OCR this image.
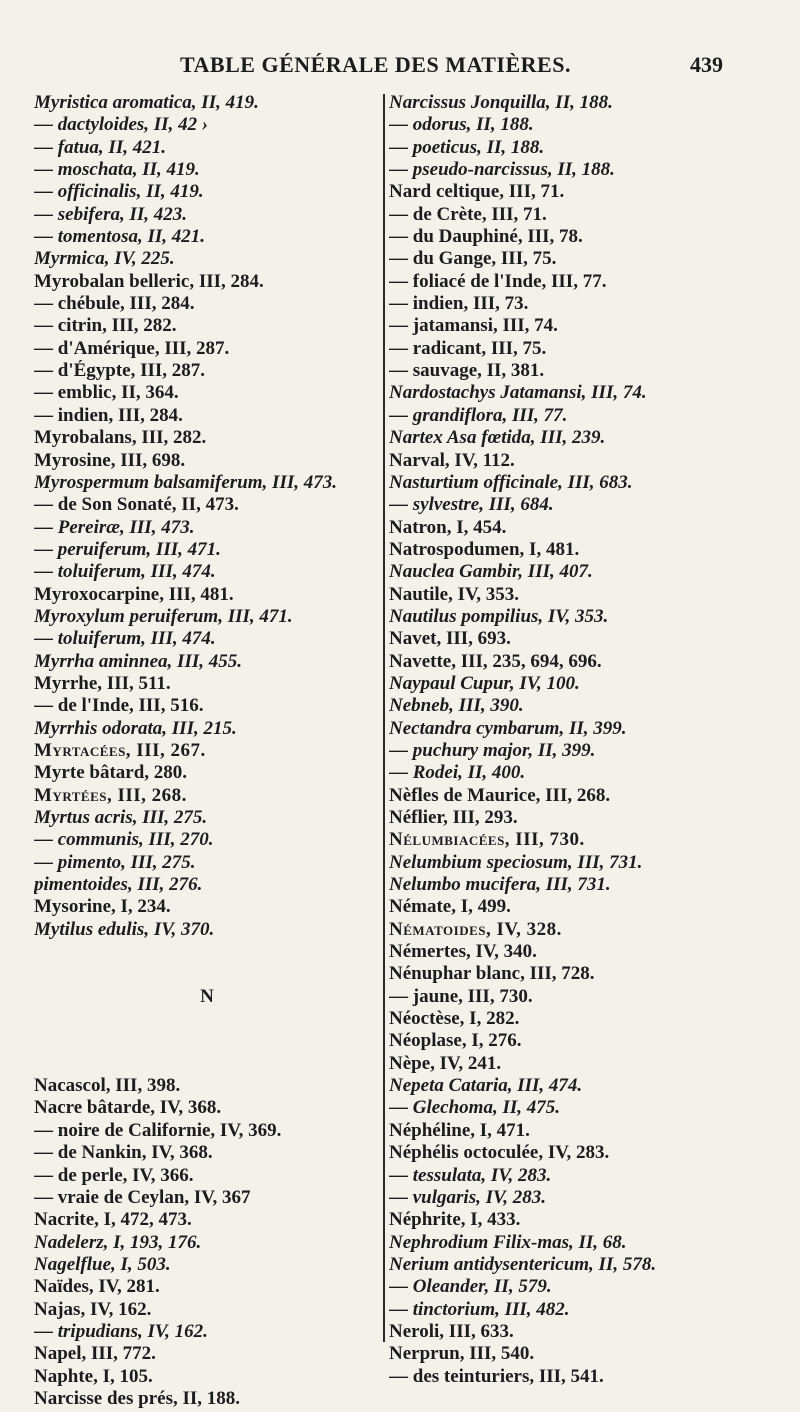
TABLE GÉNÉRALE DES MATIÈRES.	439
Myristica aromatica, II, 419.
— dactyloides, II, 42 ›
— fatua, II, 421.
— moschata, II, 419.
— officinalis, II, 419.
— sebifera, II, 423.
— tomentosa, II, 421.
Myrmica, IV, 225.
Myrobalan belleric, III, 284.
— chébule, III, 284.
— citrin, III, 282.
— d'Amérique, III, 287.
— d'Égypte, III, 287.
— emblic, II, 364.
— indien, III, 284.
Myrobalans, III, 282.
Myrosine, III, 698.
Myrospermum balsamiferum, III, 473.
— de Son Sonaté, II, 473.
— Pereiræ, III, 473.
— peruiferum, III, 471.
— toluiferum, III, 474.
Myroxocarpine, III, 481.
Myroxylum peruiferum, III, 471.
— toluiferum, III, 474.
Myrrha aminnea, III, 455.
Myrrhe, III, 511.
— de l'Inde, III, 516.
Myrrhis odorata, III, 215.
Myrtacées, III, 267.
Myrte bâtard, 280.
Myrtées, III, 268.
Myrtus acris, III, 275.
— communis, III, 270.
— pimento, III, 275.
pimentoides, III, 276.
Mysorine, I, 234.
Mytilus edulis, IV, 370.
N
Nacascol, III, 398.
Nacre bâtarde, IV, 368.
— noire de Californie, IV, 369.
— de Nankin, IV, 368.
— de perle, IV, 366.
— vraie de Ceylan, IV, 367
Nacrite, I, 472, 473.
Nadelerz, I, 193, 176.
Nagelflue, I, 503.
Naïdes, IV, 281.
Najas, IV, 162.
— tripudians, IV, 162.
Napel, III, 772.
Naphte, I, 105.
Narcisse des prés, II, 188.
Narcissus Jonquilla, II, 188.
— odorus, II, 188.
— poeticus, II, 188.
— pseudo-narcissus, II, 188.
Nard celtique, III, 71.
— de Crète, III, 71.
— du Dauphiné, III, 78.
— du Gange, III, 75.
— foliacé de l'Inde, III, 77.
— indien, III, 73.
— jatamansi, III, 74.
— radicant, III, 75.
— sauvage, II, 381.
Nardostachys Jatamansi, III, 74.
— grandiflora, III, 77.
Nartex Asa fœtida, III, 239.
Narval, IV, 112.
Nasturtium officinale, III, 683.
— sylvestre, III, 684.
Natron, I, 454.
Natrospodumen, I, 481.
Nauclea Gambir, III, 407.
Nautile, IV, 353.
Nautilus pompilius, IV, 353.
Navet, III, 693.
Navette, III, 235, 694, 696.
Naypaul Cupur, IV, 100.
Nebneb, III, 390.
Nectandra cymbarum, II, 399.
— puchury major, II, 399.
— Rodei, II, 400.
Nèfles de Maurice, III, 268.
Néflier, III, 293.
Nélumbiacées, III, 730.
Nelumbium speciosum, III, 731.
Nelumbo mucifera, III, 731.
Némate, I, 499.
Nématoides, IV, 328.
Némertes, IV, 340.
Nénuphar blanc, III, 728.
— jaune, III, 730.
Néoctèse, I, 282.
Néoplase, I, 276.
Nèpe, IV, 241.
Nepeta Cataria, III, 474.
— Glechoma, II, 475.
Néphéline, I, 471.
Néphélis octoculée, IV, 283.
— tessulata, IV, 283.
— vulgaris, IV, 283.
Néphrite, I, 433.
Nephrodium Filix-mas, II, 68.
Nerium antidysentericum, II, 578.
— Oleander, II, 579.
— tinctorium, III, 482.
Neroli, III, 633.
Nerprun, III, 540.
— des teinturiers, III, 541.
